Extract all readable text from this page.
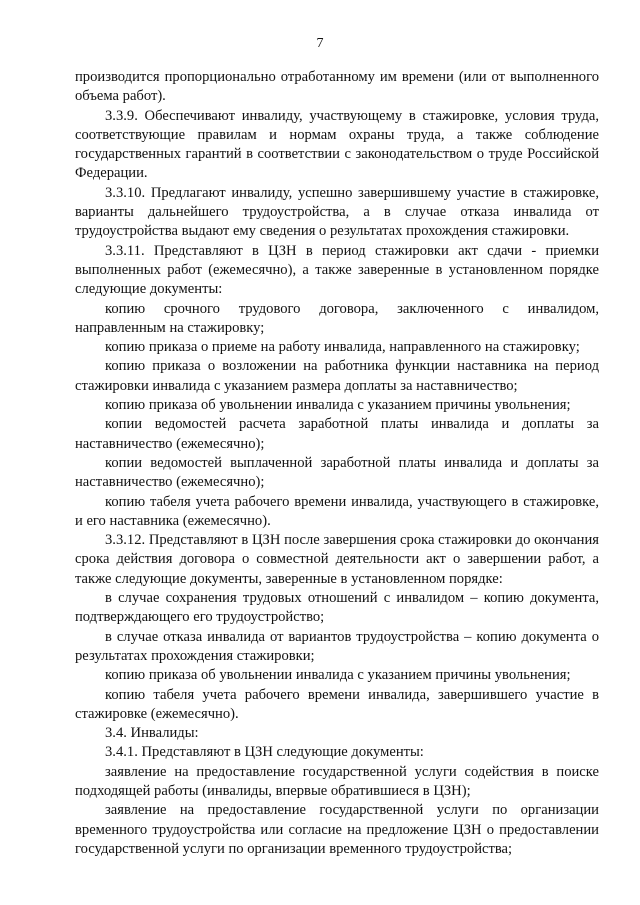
7

производится пропорционально отработанному им времени (или от выполненного объема работ).

3.3.9. Обеспечивают инвалиду, участвующему в стажировке, условия труда, соответствующие правилам и нормам охраны труда, а также соблюдение государственных гарантий в соответствии с законодательством о труде Российской Федерации.

3.3.10. Предлагают инвалиду, успешно завершившему участие в стажировке, варианты дальнейшего трудоустройства, а в случае отказа инвалида от трудоустройства выдают ему сведения о результатах прохождения стажировки.

3.3.11. Представляют в ЦЗН в период стажировки акт сдачи - приемки выполненных работ (ежемесячно), а также заверенные в установленном порядке следующие документы:

копию срочного трудового договора, заключенного с инвалидом, направленным на стажировку;

копию приказа о приеме на работу инвалида, направленного на стажировку;

копию приказа о возложении на работника функции наставника на период стажировки инвалида с указанием размера доплаты за наставничество;

копию приказа об увольнении инвалида с указанием причины увольнения;

копии ведомостей расчета заработной платы инвалида и доплаты за наставничество (ежемесячно);

копии ведомостей выплаченной заработной платы инвалида и доплаты за наставничество (ежемесячно);

копию табеля учета рабочего времени инвалида, участвующего в стажировке, и его наставника (ежемесячно).

3.3.12. Представляют в ЦЗН после завершения срока стажировки до окончания срока действия договора о совместной деятельности акт о завершении работ, а также следующие документы, заверенные в установленном порядке:

в случае сохранения трудовых отношений с инвалидом – копию документа, подтверждающего его трудоустройство;

в случае отказа инвалида от вариантов трудоустройства – копию документа о результатах прохождения стажировки;

копию приказа об увольнении инвалида с указанием причины увольнения;

копию табеля учета рабочего времени инвалида, завершившего участие в стажировке (ежемесячно).

3.4. Инвалиды:

3.4.1. Представляют в ЦЗН следующие документы:

заявление на предоставление государственной услуги содействия в поиске подходящей работы (инвалиды, впервые обратившиеся в ЦЗН);

заявление на предоставление государственной услуги по организации временного трудоустройства или согласие на предложение ЦЗН о предоставлении государственной услуги по организации временного трудоустройства;
